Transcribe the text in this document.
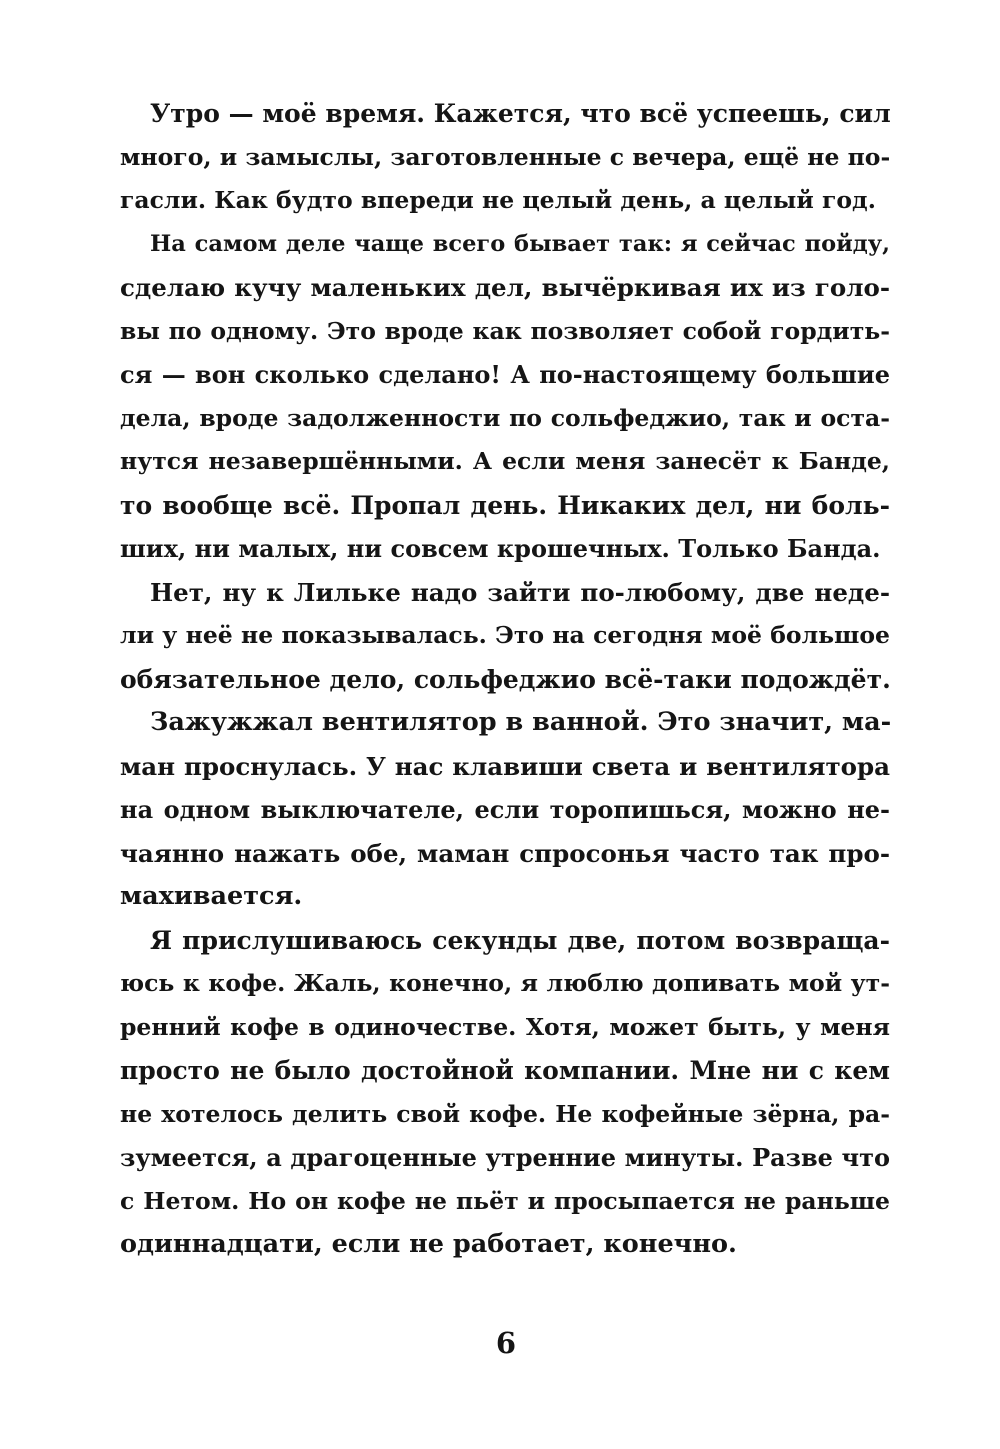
Утро — моё время. Кажется, что всё успеешь, сил
много, и замыслы, заготовленные с вечера, ещё не по-
гасли. Как будто впереди не целый день, а целый год.
На самом деле чаще всего бывает так: я сейчас пойду,
сделаю кучу маленьких дел, вычёркивая их из голо-
вы по одному. Это вроде как позволяет собой гордить-
ся — вон сколько сделано! А по-настоящему большие
дела, вроде задолженности по сольфеджио, так и оста-
нутся незавершёнными. А если меня занесёт к Банде,
то вообще всё. Пропал день. Никаких дел, ни боль-
ших, ни малых, ни совсем крошечных. Только Банда.
Нет, ну к Лильке надо зайти по-любому, две неде-
ли у неё не показывалась. Это на сегодня моё большое
обязательное дело, сольфеджио всё-таки подождёт.
Зажужжал вентилятор в ванной. Это значит, ма-
ман проснулась. У нас клавиши света и вентилятора
на одном выключателе, если торопишься, можно не-
чаянно нажать обе, маман спросонья часто так про-
махивается.
Я прислушиваюсь секунды две, потом возвраща-
юсь к кофе. Жаль, конечно, я люблю допивать мой ут-
ренний кофе в одиночестве. Хотя, может быть, у меня
просто не было достойной компании. Мне ни с кем
не хотелось делить свой кофе. Не кофейные зёрна, ра-
зумеется, а драгоценные утренние минуты. Разве что
с Нетом. Но он кофе не пьёт и просыпается не раньше
одиннадцати, если не работает, конечно.
6
